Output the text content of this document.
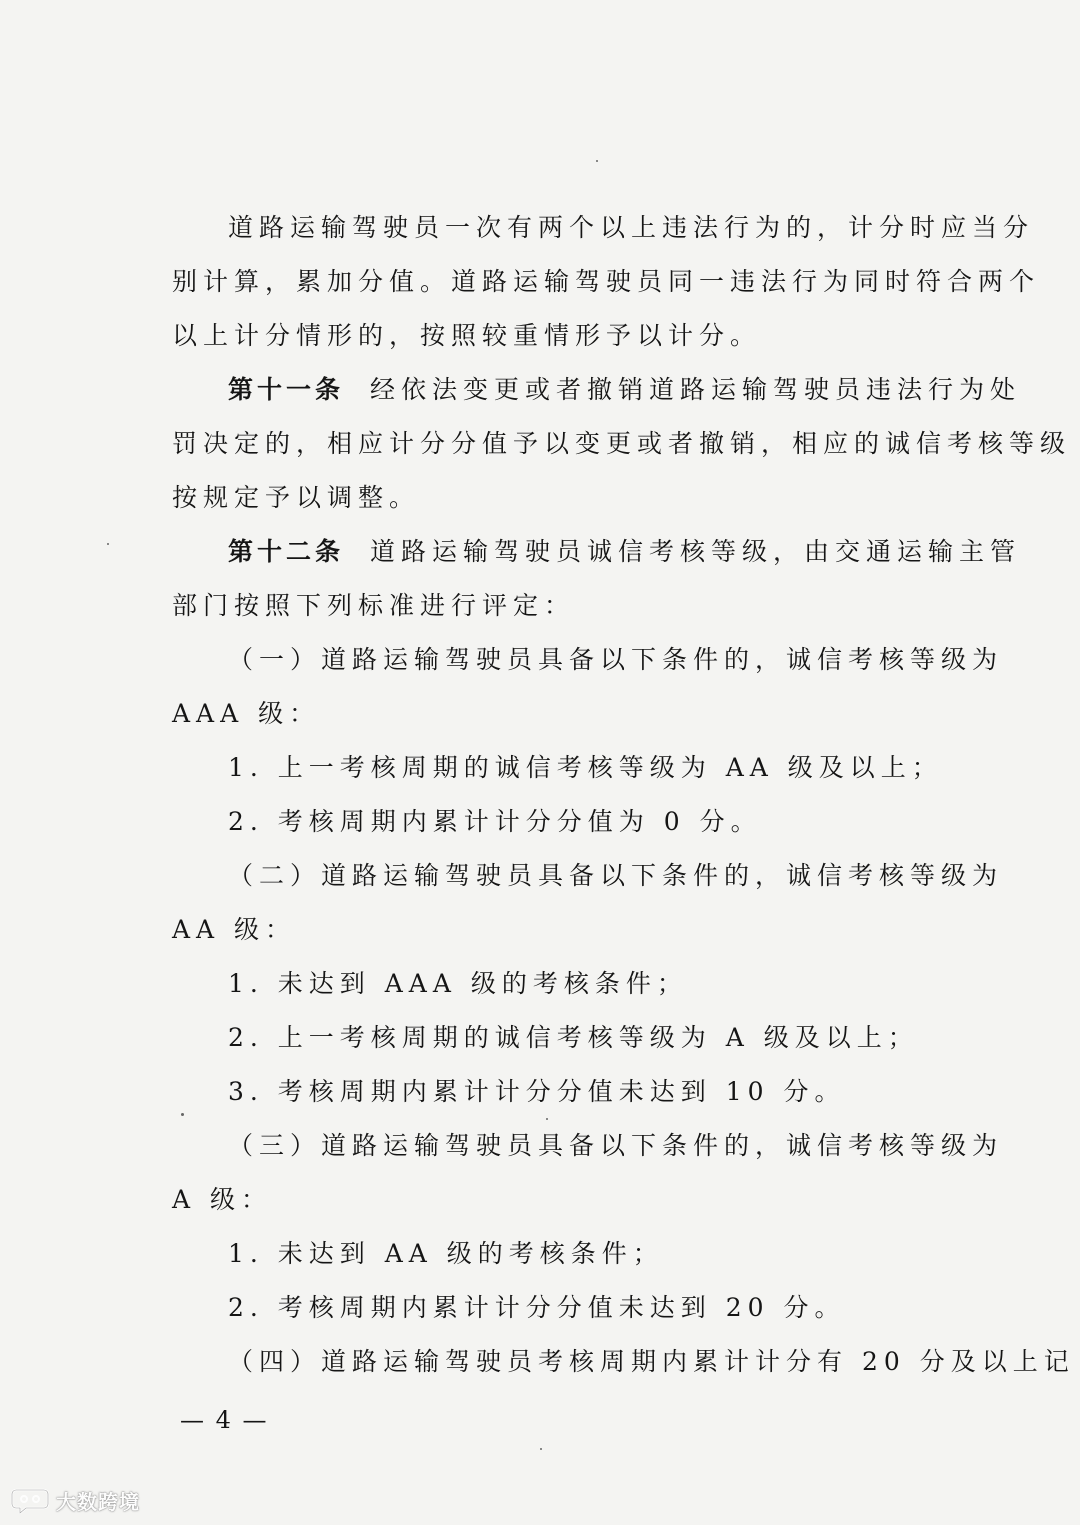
道路运输驾驶员一次有两个以上违法行为的，计分时应当分
别计算，累加分值。道路运输驾驶员同一违法行为同时符合两个
以上计分情形的，按照较重情形予以计分。
第十一条 经依法变更或者撤销道路运输驾驶员违法行为处
罚决定的，相应计分分值予以变更或者撤销，相应的诚信考核等级
按规定予以调整。
第十二条 道路运输驾驶员诚信考核等级，由交通运输主管
部门按照下列标准进行评定：
（一）道路运输驾驶员具备以下条件的，诚信考核等级为
AAA 级：
1. 上一考核周期的诚信考核等级为 AA 级及以上；
2. 考核周期内累计计分分值为 0 分。
（二）道路运输驾驶员具备以下条件的，诚信考核等级为
AA 级：
1. 未达到 AAA 级的考核条件；
2. 上一考核周期的诚信考核等级为 A 级及以上；
3. 考核周期内累计计分分值未达到 10 分。
（三）道路运输驾驶员具备以下条件的，诚信考核等级为
A 级：
1. 未达到 AA 级的考核条件；
2. 考核周期内累计计分分值未达到 20 分。
（四）道路运输驾驶员考核周期内累计计分有 20 分及以上记
— 4 —
大数跨境
